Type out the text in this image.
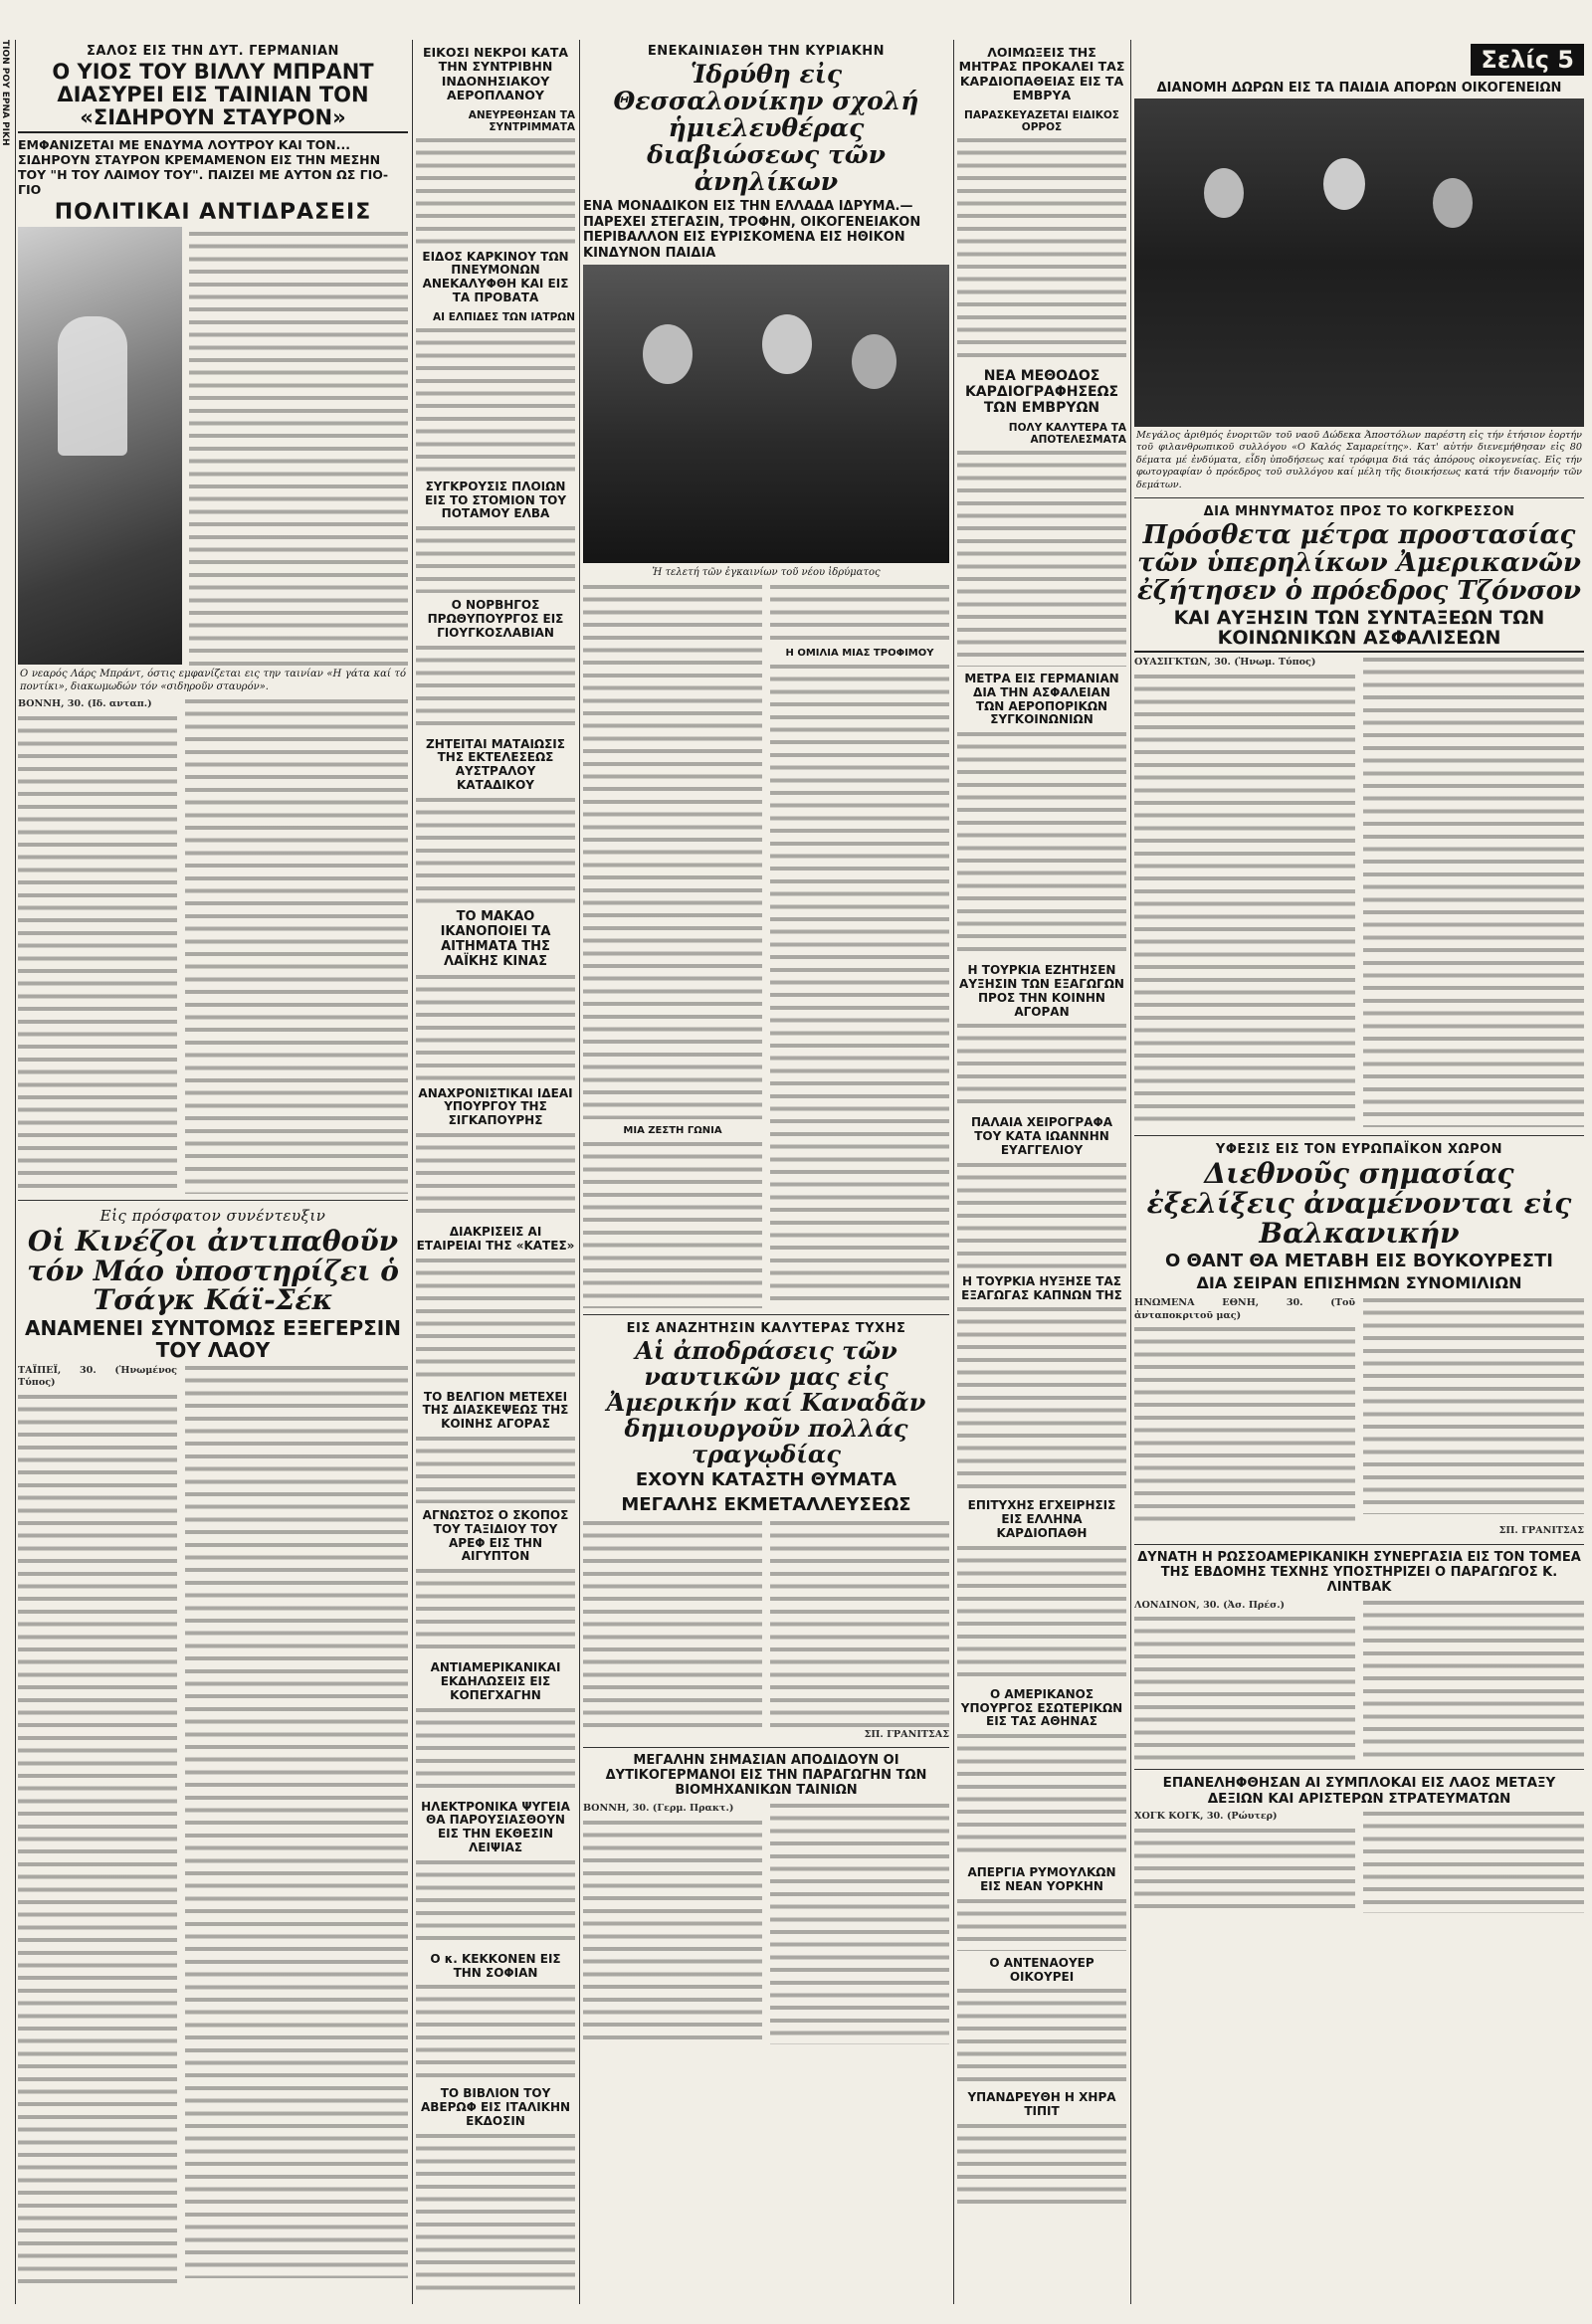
ΤΙΟΝ ΡΟΥ ΕΡΝΑ ΡΙΚΗ	ΣΑΛΟΣ ΕΙΣ ΤΗΝ ΔΥΤ. ΓΕΡΜΑΝΙΑΝ
Ο ΥΙΟΣ ΤΟΥ ΒΙΛΛΥ ΜΠΡΑΝΤ ΔΙΑΣΥΡΕΙ ΕΙΣ ΤΑΙΝΙΑΝ ΤΟΝ «ΣΙΔΗΡΟΥΝ ΣΤΑΥΡΟΝ»
ΕΜΦΑΝΙΖΕΤΑΙ ΜΕ ΕΝΔΥΜΑ ΛΟΥΤΡΟΥ ΚΑΙ ΤΟΝ... ΣΙΔΗΡΟΥΝ ΣΤΑΥΡΟΝ ΚΡΕΜΑΜΕΝΟΝ ΕΙΣ ΤΗΝ ΜΕΣΗΝ ΤΟΥ "Η ΤΟΥ ΛΑΙΜΟΥ ΤΟΥ". ΠΑΙΖΕΙ ΜΕ ΑΥΤΟΝ ΩΣ ΓΙΟ-ΓΙΟ
ΠΟΛΙΤΙΚΑΙ ΑΝΤΙΔΡΑΣΕΙΣ
Ο νεαρός Λάρς Μπράντ, όστις εμφανίζεται εις την ταινίαν «Η γάτα καί τό ποντίκι», διακωμωδών τόν «σιδηροῦν σταυρόν».
ΒΟΝΝΗ, 30. (Ιδ. ανταπ.)
Εἰς πρόσφατον συνέντευξιν
Οἱ Κινέζοι ἀντιπαθοῦν τόν Μάο ὑποστηρίζει ὁ Τσάγκ Κάϊ-Σέκ
ΑΝΑΜΕΝΕΙ ΣΥΝΤΟΜΩΣ ΕΞΕΓΕΡΣΙΝ ΤΟΥ ΛΑΟΥ
ΤΑΪΠΕΪ, 30. (Ἠνωμένος Τύπος)
ΕΙΚΟΣΙ ΝΕΚΡΟΙ ΚΑΤΑ ΤΗΝ ΣΥΝΤΡΙΒΗΝ ΙΝΔΟΝΗΣΙΑΚΟΥ ΑΕΡΟΠΛΑΝΟΥ
ΑΝΕΥΡΕΘΗΣΑΝ ΤΑ ΣΥΝΤΡΙΜΜΑΤΑ
ΕΙΔΟΣ ΚΑΡΚΙΝΟΥ ΤΩΝ ΠΝΕΥΜΟΝΩΝ ΑΝΕΚΑΛΥΦΘΗ ΚΑΙ ΕΙΣ ΤΑ ΠΡΟΒΑΤΑ
ΑΙ ΕΛΠΙΔΕΣ ΤΩΝ ΙΑΤΡΩΝ
ΣΥΓΚΡΟΥΣΙΣ ΠΛΟΙΩΝ ΕΙΣ ΤΟ ΣΤΟΜΙΟΝ ΤΟΥ ΠΟΤΑΜΟΥ ΕΛΒΑ
Ο ΝΟΡΒΗΓΟΣ ΠΡΩΘΥΠΟΥΡΓΟΣ ΕΙΣ ΓΙΟΥΓΚΟΣΛΑΒΙΑΝ
ΖΗΤΕΙΤΑΙ ΜΑΤΑΙΩΣΙΣ ΤΗΣ ΕΚΤΕΛΕΣΕΩΣ ΑΥΣΤΡΑΛΟΥ ΚΑΤΑΔΙΚΟΥ
ΤΟ ΜΑΚΑΟ ΙΚΑΝΟΠΟΙΕΙ ΤΑ ΑΙΤΗΜΑΤΑ ΤΗΣ ΛΑΪΚΗΣ ΚΙΝΑΣ
ΑΝΑΧΡΟΝΙΣΤΙΚΑΙ ΙΔΕΑΙ ΥΠΟΥΡΓΟΥ ΤΗΣ ΣΙΓΚΑΠΟΥΡΗΣ
ΔΙΑΚΡΙΣΕΙΣ ΑΙ ΕΤΑΙΡΕΙΑΙ ΤΗΣ «ΚΑΤΕΣ»
ΤΟ ΒΕΛΓΙΟΝ ΜΕΤΕΧΕΙ ΤΗΣ ΔΙΑΣΚΕΨΕΩΣ ΤΗΣ ΚΟΙΝΗΣ ΑΓΟΡΑΣ
ΑΓΝΩΣΤΟΣ Ο ΣΚΟΠΟΣ ΤΟΥ ΤΑΞΙΔΙΟΥ ΤΟΥ ΑΡΕΦ ΕΙΣ ΤΗΝ ΑΙΓΥΠΤΟΝ
ΑΝΤΙΑΜΕΡΙΚΑΝΙΚΑΙ ΕΚΔΗΛΩΣΕΙΣ ΕΙΣ ΚΟΠΕΓΧΑΓΗΝ
ΗΛΕΚΤΡΟΝΙΚΑ ΨΥΓΕΙΑ ΘΑ ΠΑΡΟΥΣΙΑΣΘΟΥΝ ΕΙΣ ΤΗΝ ΕΚΘΕΣΙΝ ΛΕΙΨΙΑΣ
Ο κ. ΚΕΚΚΟΝΕΝ ΕΙΣ ΤΗΝ ΣΟΦΙΑΝ
ΤΟ ΒΙΒΛΙΟΝ ΤΟΥ ΑΒΕΡΩΦ ΕΙΣ ΙΤΑΛΙΚΗΝ ΕΚΔΟΣΙΝ
ΕΝΕΚΑΙΝΙΑΣΘΗ ΤΗΝ ΚΥΡΙΑΚΗΝ
Ἱδρύθη εἰς Θεσσαλονίκην σχολή ἡμιελευθέρας διαβιώσεως τῶν ἀνηλίκων
ΕΝΑ ΜΟΝΑΔΙΚΟΝ ΕΙΣ ΤΗΝ ΕΛΛΑΔΑ ΙΔΡΥΜΑ.— ΠΑΡΕΧΕΙ ΣΤΕΓΑΣΙΝ, ΤΡΟΦΗΝ, ΟΙΚΟΓΕΝΕΙΑΚΟΝ ΠΕΡΙΒΑΛΛΟΝ ΕΙΣ ΕΥΡΙΣΚΟΜΕΝΑ ΕΙΣ ΗΘΙΚΟΝ ΚΙΝΔΥΝΟΝ ΠΑΙΔΙΑ
Ἡ τελετή τῶν ἐγκαινίων τοῦ νέου ἱδρύματος
ΜΙΑ ΖΕΣΤΗ ΓΩΝΙΑ
Η ΟΜΙΛΙΑ ΜΙΑΣ ΤΡΟΦΙΜΟΥ
ΕΙΣ ΑΝΑΖΗΤΗΣΙΝ ΚΑΛΥΤΕΡΑΣ ΤΥΧΗΣ
Αἱ ἀποδράσεις τῶν ναυτικῶν μας εἰς Ἀμερικήν καί Καναδᾶν δημιουργοῦν πολλάς τραγῳδίας
ΕΧΟΥΝ ΚΑΤΑΣΤΗ ΘΥΜΑΤΑ
ΜΕΓΑΛΗΣ ΕΚΜΕΤΑΛΛΕΥΣΕΩΣ
ΣΠ. ΓΡΑΝΙΤΣΑΣ
ΜΕΓΑΛΗΝ ΣΗΜΑΣΙΑΝ ΑΠΟΔΙΔΟΥΝ ΟΙ ΔΥΤΙΚΟΓΕΡΜΑΝΟΙ ΕΙΣ ΤΗΝ ΠΑΡΑΓΩΓΗΝ ΤΩΝ ΒΙΟΜΗΧΑΝΙΚΩΝ ΤΑΙΝΙΩΝ
ΒΟΝΝΗ, 30. (Γερμ. Πρακτ.)
ΛΟΙΜΩΞΕΙΣ ΤΗΣ ΜΗΤΡΑΣ ΠΡΟΚΑΛΕΙ ΤΑΣ ΚΑΡΔΙΟΠΑΘΕΙΑΣ ΕΙΣ ΤΑ ΕΜΒΡΥΑ
ΠΑΡΑΣΚΕΥΑΖΕΤΑΙ ΕΙΔΙΚΟΣ ΟΡΡΟΣ
ΝΕΑ ΜΕΘΟΔΟΣ ΚΑΡΔΙΟΓΡΑΦΗΣΕΩΣ ΤΩΝ ΕΜΒΡΥΩΝ
ΠΟΛΥ ΚΑΛΥΤΕΡΑ ΤΑ ΑΠΟΤΕΛΕΣΜΑΤΑ
ΜΕΤΡΑ ΕΙΣ ΓΕΡΜΑΝΙΑΝ ΔΙΑ ΤΗΝ ΑΣΦΑΛΕΙΑΝ ΤΩΝ ΑΕΡΟΠΟΡΙΚΩΝ ΣΥΓΚΟΙΝΩΝΙΩΝ
Η ΤΟΥΡΚΙΑ ΕΖΗΤΗΣΕΝ ΑΥΞΗΣΙΝ ΤΩΝ ΕΞΑΓΩΓΩΝ ΠΡΟΣ ΤΗΝ ΚΟΙΝΗΝ ΑΓΟΡΑΝ
ΠΑΛΑΙΑ ΧΕΙΡΟΓΡΑΦΑ ΤΟΥ ΚΑΤΑ ΙΩΑΝΝΗΝ ΕΥΑΓΓΕΛΙΟΥ
Η ΤΟΥΡΚΙΑ ΗΥΞΗΣΕ ΤΑΣ ΕΞΑΓΩΓΑΣ ΚΑΠΝΩΝ ΤΗΣ
ΕΠΙΤΥΧΗΣ ΕΓΧΕΙΡΗΣΙΣ ΕΙΣ ΕΛΛΗΝΑ ΚΑΡΔΙΟΠΑΘΗ
Ο ΑΜΕΡΙΚΑΝΟΣ ΥΠΟΥΡΓΟΣ ΕΣΩΤΕΡΙΚΩΝ ΕΙΣ ΤΑΣ ΑΘΗΝΑΣ
ΑΠΕΡΓΙΑ ΡΥΜΟΥΛΚΩΝ ΕΙΣ ΝΕΑΝ ΥΟΡΚΗΝ
Ο ΑΝΤΕΝΑΟΥΕΡ ΟΙΚΟΥΡΕΙ
ΥΠΑΝΔΡΕΥΘΗ Η ΧΗΡΑ ΤΙΠΙΤ
Σελίς 5
ΔΙΑΝΟΜΗ ΔΩΡΩΝ ΕΙΣ ΤΑ ΠΑΙΔΙΑ ΑΠΟΡΩΝ ΟΙΚΟΓΕΝΕΙΩΝ
Μεγάλος ἀριθμός ἐνοριτῶν τοῦ ναοῦ Δώδεκα Ἀποστόλων παρέστη εἰς τήν ἑτήσιον ἑορτήν τοῦ φιλανθρωπικοῦ συλλόγου «Ο Καλός Σαμαρείτης». Κατ' αὐτήν διενεμήθησαν εἰς 80 δέματα μέ ἐνδύματα, εἶδη ὑποδήσεως καί τρόφιμα διά τάς ἀπόρους οἰκογενείας. Εἰς τήν φωτογραφίαν ὁ πρόεδρος τοῦ συλλόγου καί μέλη τῆς διοικήσεως κατά τήν διανομήν τῶν δεμάτων.
ΔΙΑ ΜΗΝΥΜΑΤΟΣ ΠΡΟΣ ΤΟ ΚΟΓΚΡΕΣΣΟΝ
Πρόσθετα μέτρα προστασίας τῶν ὑπερηλίκων Ἀμερικανῶν ἐζήτησεν ὁ πρόεδρος Τζόνσον
ΚΑΙ ΑΥΞΗΣΙΝ ΤΩΝ ΣΥΝΤΑΞΕΩΝ ΤΩΝ ΚΟΙΝΩΝΙΚΩΝ ΑΣΦΑΛΙΣΕΩΝ
ΟΥΑΣΙΓΚΤΩΝ, 30. (Ἠνωμ. Τύπος)
ΥΦΕΣΙΣ ΕΙΣ ΤΟΝ ΕΥΡΩΠΑΪΚΟΝ ΧΩΡΟΝ
Διεθνοῦς σημασίας ἐξελίξεις ἀναμένονται εἰς Βαλκανικήν
Ο ΘΑΝΤ ΘΑ ΜΕΤΑΒΗ ΕΙΣ ΒΟΥΚΟΥΡΕΣΤΙ
ΔΙΑ ΣΕΙΡΑΝ ΕΠΙΣΗΜΩΝ ΣΥΝΟΜΙΛΙΩΝ
ΗΝΩΜΕΝΑ ΕΘΝΗ, 30. (Τοῦ ἀνταποκριτοῦ μας)
ΣΠ. ΓΡΑΝΙΤΣΑΣ
ΔΥΝΑΤΗ Η ΡΩΣΣΟΑΜΕΡΙΚΑΝΙΚΗ ΣΥΝΕΡΓΑΣΙΑ ΕΙΣ ΤΟΝ ΤΟΜΕΑ ΤΗΣ ΕΒΔΟΜΗΣ ΤΕΧΝΗΣ ΥΠΟΣΤΗΡΙΖΕΙ Ο ΠΑΡΑΓΩΓΟΣ Κ. ΛΙΝΤΒΑΚ
ΛΟΝΔΙΝΟΝ, 30. (Ἀσ. Πρέσ.)
ΕΠΑΝΕΛΗΦΘΗΣΑΝ ΑΙ ΣΥΜΠΛΟΚΑΙ ΕΙΣ ΛΑΟΣ ΜΕΤΑΞΥ ΔΕΞΙΩΝ ΚΑΙ ΑΡΙΣΤΕΡΩΝ ΣΤΡΑΤΕΥΜΑΤΩΝ
ΧΟΓΚ ΚΟΓΚ, 30. (Ρώυτερ)
